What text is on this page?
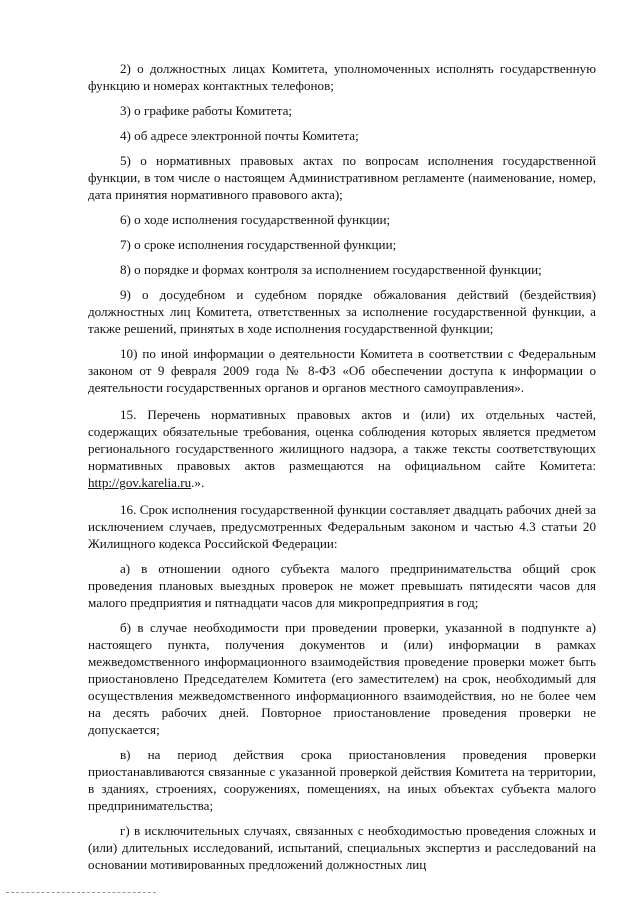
2) о должностных лицах Комитета, уполномоченных исполнять государственную функцию и номерах контактных телефонов;

3) о графике работы Комитета;

4) об адресе электронной почты Комитета;

5) о нормативных правовых актах по вопросам исполнения государственной функции, в том числе о настоящем Административном регламенте (наименование, номер, дата принятия нормативного правового акта);

6) о ходе исполнения государственной функции;

7) о сроке исполнения государственной функции;

8) о порядке и формах контроля за исполнением государственной функции;

9) о досудебном и судебном порядке обжалования действий (бездействия) должностных лиц Комитета, ответственных за исполнение государственной функции, а также решений, принятых в ходе исполнения государственной функции;

10) по иной информации о деятельности Комитета в соответствии с Федеральным законом от 9 февраля 2009 года № 8-ФЗ «Об обеспечении доступа к информации о деятельности государственных органов и органов местного самоуправления».

15. Перечень нормативных правовых актов и (или) их отдельных частей, содержащих обязательные требования, оценка соблюдения которых является предметом регионального государственного жилищного надзора, а также тексты соответствующих нормативных правовых актов размещаются на официальном сайте Комитета: http://gov.karelia.ru.».

16. Срок исполнения государственной функции составляет двадцать рабочих дней за исключением случаев, предусмотренных Федеральным законом и частью 4.3 статьи 20 Жилищного кодекса Российской Федерации:

а) в отношении одного субъекта малого предпринимательства общий срок проведения плановых выездных проверок не может превышать пятидесяти часов для малого предприятия и пятнадцати часов для микропредприятия в год;

б) в случае необходимости при проведении проверки, указанной в подпункте а) настоящего пункта, получения документов и (или) информации в рамках межведомственного информационного взаимодействия проведение проверки может быть приостановлено Председателем Комитета (его заместителем) на срок, необходимый для осуществления межведомственного информационного взаимодействия, но не более чем на десять рабочих дней. Повторное приостановление проведения проверки не допускается;

в) на период действия срока приостановления проведения проверки приостанавливаются связанные с указанной проверкой действия Комитета на территории, в зданиях, строениях, сооружениях, помещениях, на иных объектах субъекта малого предпринимательства;

г) в исключительных случаях, связанных с необходимостью проведения сложных и (или) длительных исследований, испытаний, специальных экспертиз и расследований на основании мотивированных предложений должностных лиц
